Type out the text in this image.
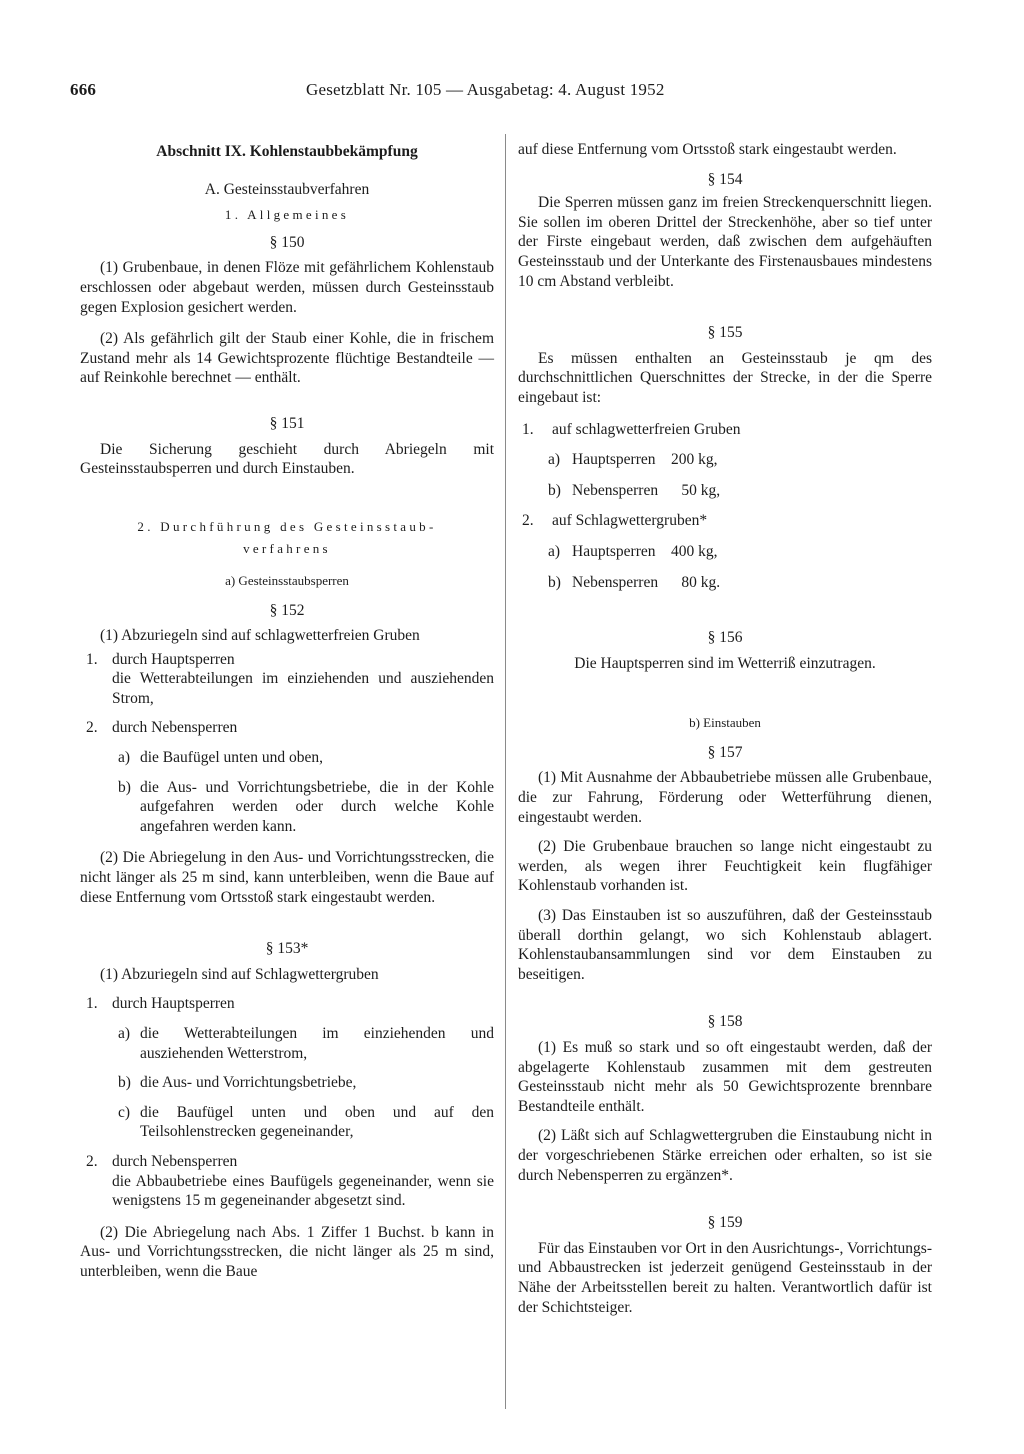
666	Gesetzblatt Nr. 105 — Ausgabetag: 4. August 1952

Abschnitt IX. Kohlenstaubbekämpfung

A. Gesteinsstaubverfahren

1. Allgemeines

§ 150

(1) Grubenbaue, in denen Flöze mit gefährlichem Kohlenstaub erschlossen oder abgebaut werden, müssen durch Gesteinsstaub gegen Explosion gesichert werden.

(2) Als gefährlich gilt der Staub einer Kohle, die in frischem Zustand mehr als 14 Gewichtsprozente flüchtige Bestandteile — auf Reinkohle berechnet — enthält.

§ 151

Die Sicherung geschieht durch Abriegeln mit Gesteinsstaubsperren und durch Einstauben.

2. Durchführung des Gesteinsstaub-

verfahrens

a) Gesteinsstaubsperren

§ 152

(1) Abzuriegeln sind auf schlagwetterfreien Gruben

1. durch Hauptsperren

die Wetterabteilungen im einziehenden und ausziehenden Strom,

2. durch Nebensperren

a) die Baufügel unten und oben,

b) die Aus- und Vorrichtungsbetriebe, die in der Kohle aufgefahren werden oder durch welche Kohle angefahren werden kann.

(2) Die Abriegelung in den Aus- und Vorrichtungsstrecken, die nicht länger als 25 m sind, kann unterbleiben, wenn die Baue auf diese Entfernung vom Ortsstoß stark eingestaubt werden.

§ 153*

(1) Abzuriegeln sind auf Schlagwettergruben

1. durch Hauptsperren

a) die Wetterabteilungen im einziehenden und ausziehenden Wetterstrom,

b) die Aus- und Vorrichtungsbetriebe,

c) die Baufügel unten und oben und auf den Teilsohlenstrecken gegeneinander,

2. durch Nebensperren

die Abbaubetriebe eines Baufügels gegeneinander, wenn sie wenigstens 15 m gegeneinander abgesetzt sind.

(2) Die Abriegelung nach Abs. 1 Ziffer 1 Buchst. b kann in Aus- und Vorrichtungsstrecken, die nicht länger als 25 m sind, unterbleiben, wenn die Baue

auf diese Entfernung vom Ortsstoß stark eingestaubt werden.

§ 154

Die Sperren müssen ganz im freien Streckenquerschnitt liegen. Sie sollen im oberen Drittel der Streckenhöhe, aber so tief unter der Firste eingebaut werden, daß zwischen dem aufgehäuften Gesteinsstaub und der Unterkante des Firstenausbaues mindestens 10 cm Abstand verbleibt.

§ 155

Es müssen enthalten an Gesteinsstaub je qm des durchschnittlichen Querschnittes der Strecke, in der die Sperre eingebaut ist:

1.	auf schlagwetterfreien Gruben

a) Hauptsperren 200 kg,

b) Nebensperren 50 kg,

2.	auf Schlagwettergruben*

a) Hauptsperren 400 kg,

b) Nebensperren 80 kg.

§ 156

Die Hauptsperren sind im Wetterriß einzutragen.

b) Einstauben

§ 157

(1) Mit Ausnahme der Abbaubetriebe müssen alle Grubenbaue, die zur Fahrung, Förderung oder Wetterführung dienen, eingestaubt werden.

(2) Die Grubenbaue brauchen so lange nicht eingestaubt zu werden, als wegen ihrer Feuchtigkeit kein flugfähiger Kohlenstaub vorhanden ist.

(3) Das Einstauben ist so auszuführen, daß der Gesteinsstaub überall dorthin gelangt, wo sich Kohlenstaub ablagert. Kohlenstaubansammlungen sind vor dem Einstauben zu beseitigen.

§ 158

(1) Es muß so stark und so oft eingestaubt werden, daß der abgelagerte Kohlenstaub zusammen mit dem gestreuten Gesteinsstaub nicht mehr als 50 Gewichtsprozente brennbare Bestandteile enthält.

(2) Läßt sich auf Schlagwettergruben die Einstaubung nicht in der vorgeschriebenen Stärke erreichen oder erhalten, so ist sie durch Nebensperren zu ergänzen*.

§ 159

Für das Einstauben vor Ort in den Ausrichtungs-, Vorrichtungs- und Abbaustrecken ist jederzeit genügend Gesteinsstaub in der Nähe der Arbeitsstellen bereit zu halten. Verantwortlich dafür ist der Schichtsteiger.
